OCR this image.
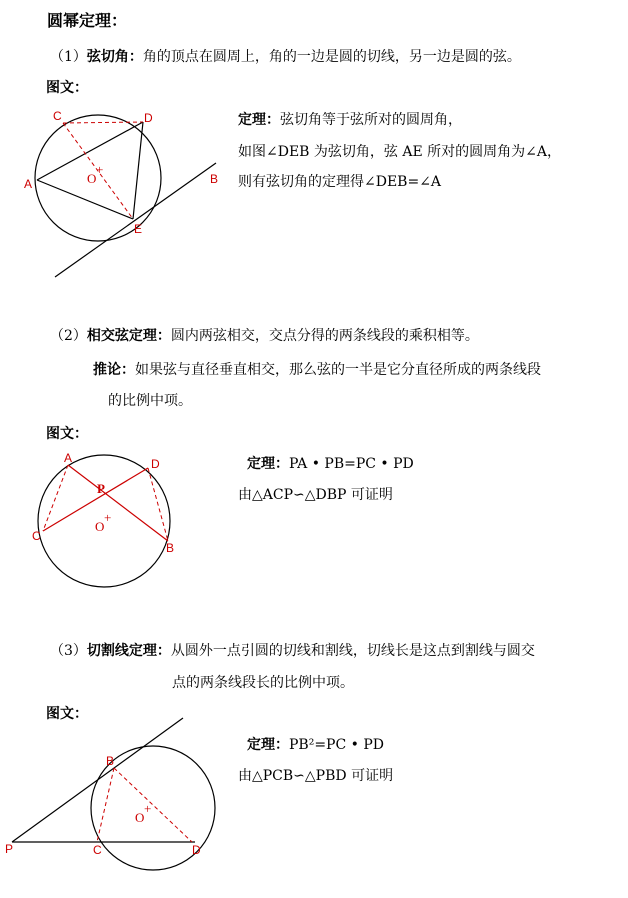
圆幂定理：
（1）弦切角：角的顶点在圆周上，角的一边是圆的切线，另一边是圆的弦。
图文：
C	D
A	B
E
O
+
A	D
P
C
B
O
+
B
O
+
P	C	D
定理：弦切角等于弦所对的圆周角，
如图∠DEB 为弦切角，弦 AE 所对的圆周角为∠A，
则有弦切角的定理得∠DEB=∠A
（2）相交弦定理：圆内两弦相交，交点分得的两条线段的乘积相等。
推论：如果弦与直径垂直相交，那么弦的一半是它分直径所成的两条线段
的比例中项。
图文：
定理：PA • PB=PC • PD
由△ACP∽△DBP 可证明
（3）切割线定理：从圆外一点引圆的切线和割线，切线长是这点到割线与圆交
点的两条线段长的比例中项。
图文：
定理：PB²=PC • PD
由△PCB∽△PBD 可证明
